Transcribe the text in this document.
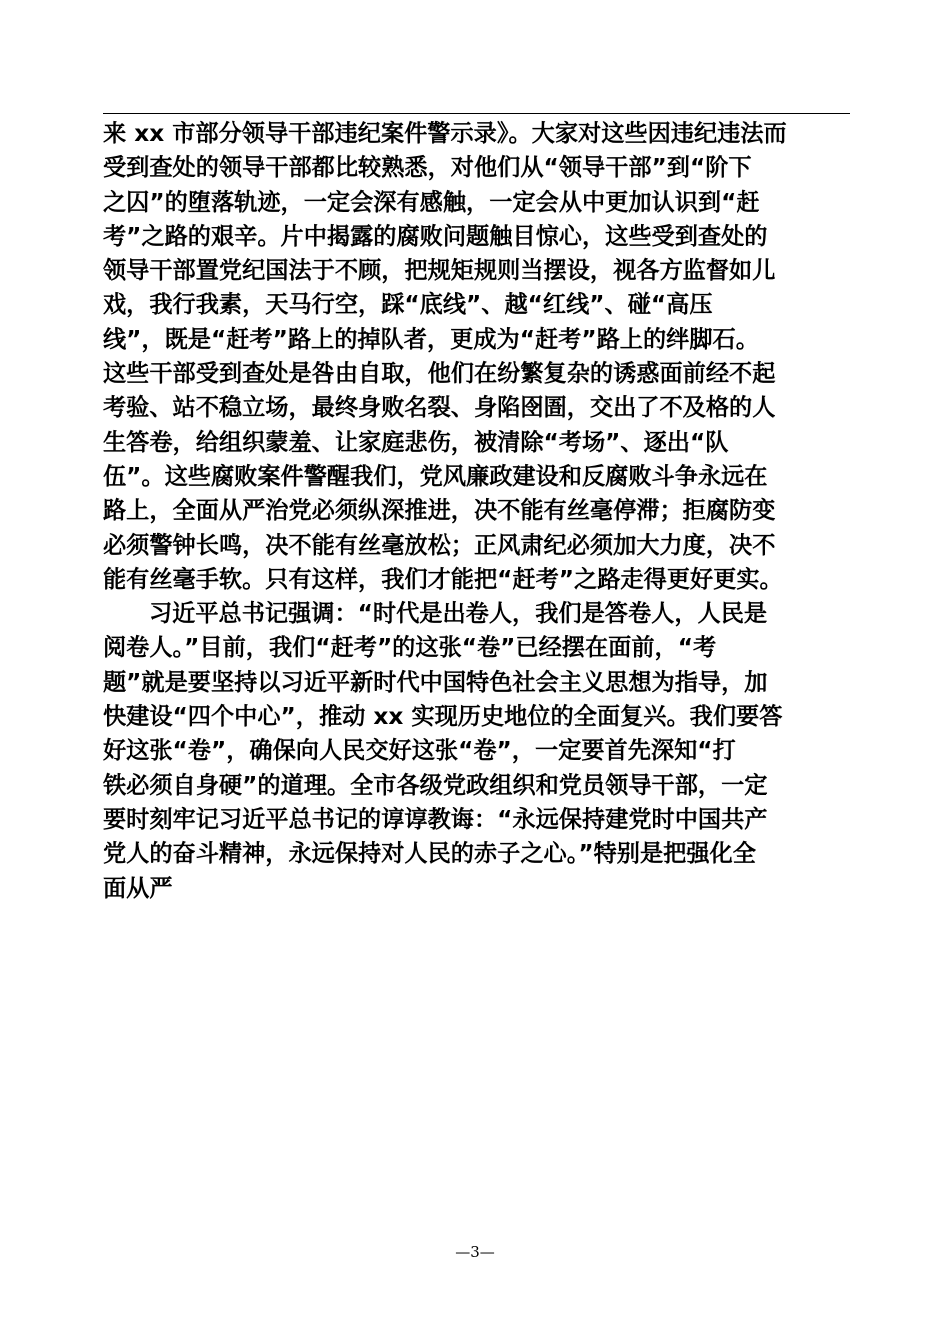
来 xx 市部分领导干部违纪案件警示录》。大家对这些因违纪违法而
受到查处的领导干部都比较熟悉，对他们从“领导干部”到“阶下
之囚”的堕落轨迹，一定会深有感触，一定会从中更加认识到“赶
考”之路的艰辛。片中揭露的腐败问题触目惊心，这些受到查处的
领导干部置党纪国法于不顾，把规矩规则当摆设，视各方监督如儿
戏，我行我素，天马行空，踩“底线”、越“红线”、碰“高压
线”，既是“赶考”路上的掉队者，更成为“赶考”路上的绊脚石。
这些干部受到查处是咎由自取，他们在纷繁复杂的诱惑面前经不起
考验、站不稳立场，最终身败名裂、身陷囹圄，交出了不及格的人
生答卷，给组织蒙羞、让家庭悲伤，被清除“考场”、逐出“队
伍”。这些腐败案件警醒我们，党风廉政建设和反腐败斗争永远在
路上，全面从严治党必须纵深推进，决不能有丝毫停滞；拒腐防变
必须警钟长鸣，决不能有丝毫放松；正风肃纪必须加大力度，决不
能有丝毫手软。只有这样，我们才能把“赶考”之路走得更好更实。
习近平总书记强调：“时代是出卷人，我们是答卷人，人民是
阅卷人。”目前，我们“赶考”的这张“卷”已经摆在面前，“考
题”就是要坚持以习近平新时代中国特色社会主义思想为指导，加
快建设“四个中心”，推动 xx 实现历史地位的全面复兴。我们要答
好这张“卷”，确保向人民交好这张“卷”，一定要首先深知“打
铁必须自身硬”的道理。全市各级党政组织和党员领导干部，一定
要时刻牢记习近平总书记的谆谆教诲：“永远保持建党时中国共产
党人的奋斗精神，永远保持对人民的赤子之心。”特别是把强化全
面从严
—3—
